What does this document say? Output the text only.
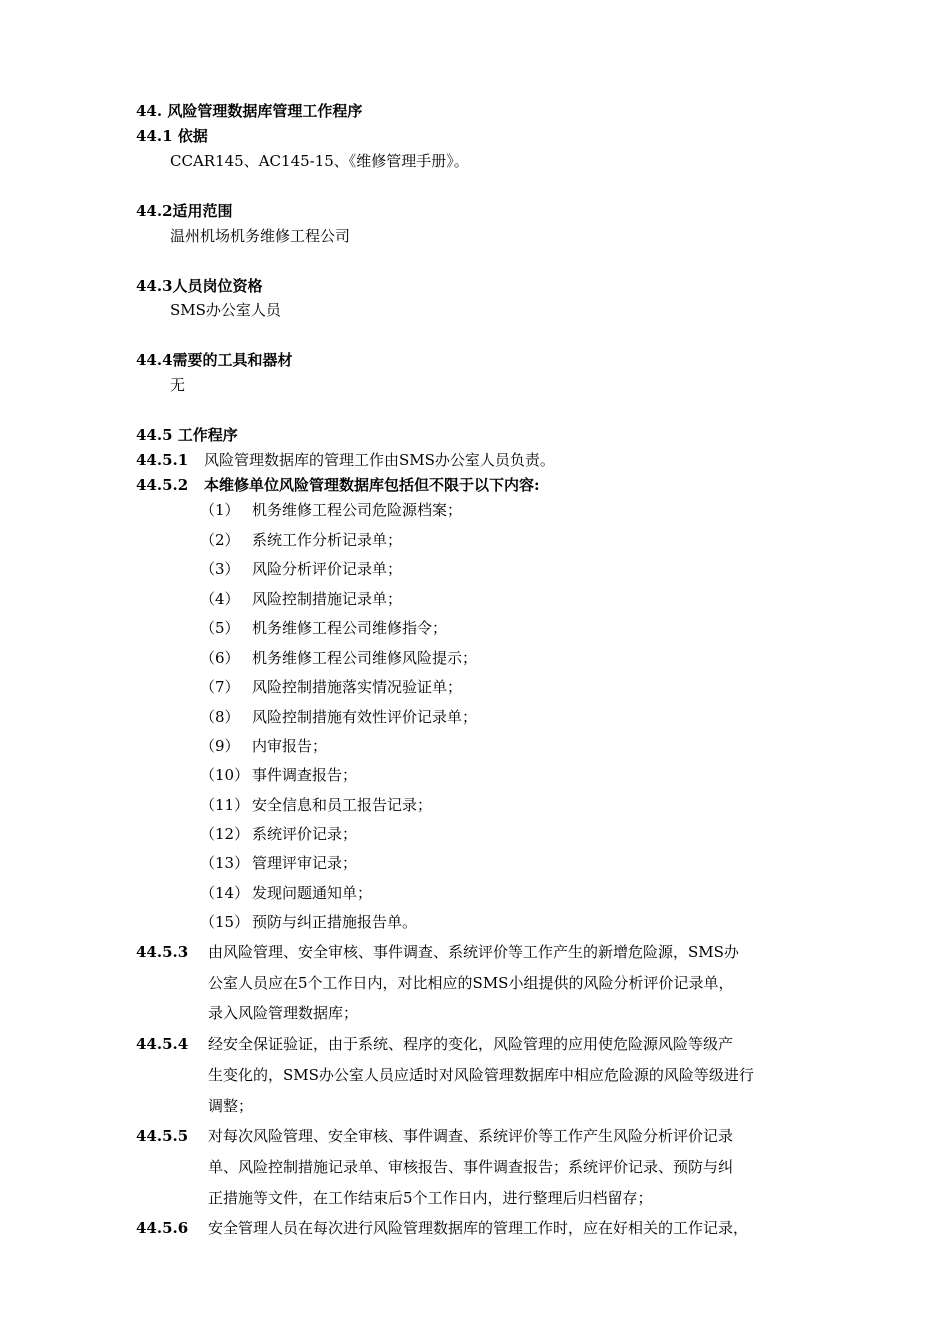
44. 风险管理数据库管理工作程序
44.1 依据
CCAR145、AC145-15、《维修管理手册》。
44.2适用范围
温州机场机务维修工程公司
44.3人员岗位资格
SMS办公室人员
44.4需要的工具和器材
无
44.5 工作程序
44.5.1 风险管理数据库的管理工作由SMS办公室人员负责。
44.5.2 本维修单位风险管理数据库包括但不限于以下内容:
（1） 机务维修工程公司危险源档案；
（2） 系统工作分析记录单；
（3） 风险分析评价记录单；
（4） 风险控制措施记录单；
（5） 机务维修工程公司维修指令；
（6） 机务维修工程公司维修风险提示；
（7） 风险控制措施落实情况验证单；
（8） 风险控制措施有效性评价记录单；
（9） 内审报告；
（10） 事件调查报告；
（11） 安全信息和员工报告记录；
（12） 系统评价记录；
（13） 管理评审记录；
（14） 发现问题通知单；
（15） 预防与纠正措施报告单。
44.5.3 由风险管理、安全审核、事件调查、系统评价等工作产生的新增危险源，SMS办
公室人员应在5个工作日内，对比相应的SMS小组提供的风险分析评价记录单，
录入风险管理数据库；
44.5.4 经安全保证验证，由于系统、程序的变化，风险管理的应用使危险源风险等级产
生变化的，SMS办公室人员应适时对风险管理数据库中相应危险源的风险等级进行
调整；
44.5.5 对每次风险管理、安全审核、事件调查、系统评价等工作产生风险分析评价记录
单、风险控制措施记录单、审核报告、事件调查报告；系统评价记录、预防与纠
正措施等文件，在工作结束后5个工作日内，进行整理后归档留存；
44.5.6 安全管理人员在每次进行风险管理数据库的管理工作时，应在好相关的工作记录，
